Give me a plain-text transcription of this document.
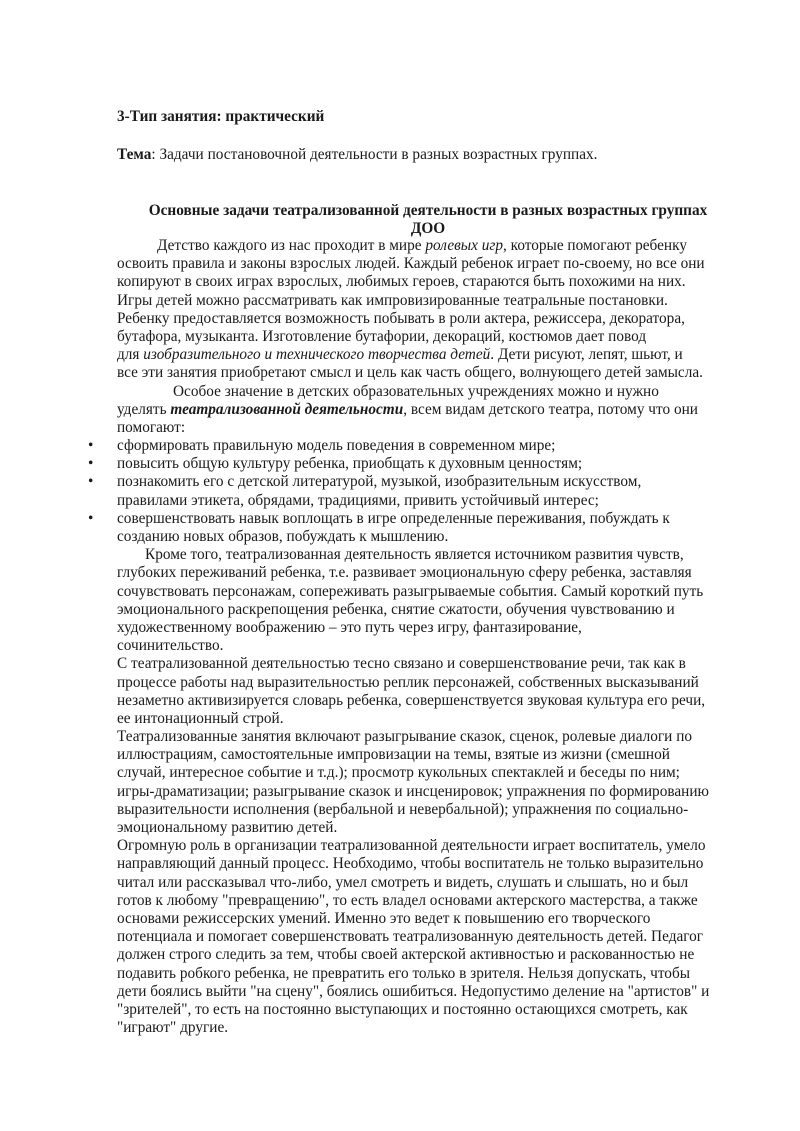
3-Тип занятия: практический
Тема: Задачи постановочной деятельности в разных возрастных группах.
Основные задачи театрализованной деятельности в разных возрастных группах
ДОО
Детство каждого из нас проходит в мире ролевых игр, которые помогают ребенку
освоить правила и законы взрослых людей. Каждый ребенок играет по-своему, но все они
копируют в своих играх взрослых, любимых героев, стараются быть похожими на них.
Игры детей можно рассматривать как импровизированные театральные постановки.
Ребенку предоставляется возможность побывать в роли актера, режиссера, декоратора,
бутафора, музыканта. Изготовление бутафории, декораций, костюмов дает повод
для изобразительного и технического творчества детей. Дети рисуют, лепят, шьют, и
все эти занятия приобретают смысл и цель как часть общего, волнующего детей замысла.
Особое значение в детских образовательных учреждениях можно и нужно
уделять театрализованной деятельности, всем видам детского театра, потому что они
помогают:
• сформировать правильную модель поведения в современном мире;
• повысить общую культуру ребенка, приобщать к духовным ценностям;
• познакомить его с детской литературой, музыкой, изобразительным искусством,
правилами этикета, обрядами, традициями, привить устойчивый интерес;
• совершенствовать навык воплощать в игре определенные переживания, побуждать к
созданию новых образов, побуждать к мышлению.
Кроме того, театрализованная деятельность является источником развития чувств,
глубоких переживаний ребенка, т.е. развивает эмоциональную сферу ребенка, заставляя
сочувствовать персонажам, сопереживать разыгрываемые события. Самый короткий путь
эмоционального раскрепощения ребенка, снятие сжатости, обучения чувствованию и
художественному воображению – это путь через игру, фантазирование,
сочинительство.
С театрализованной деятельностью тесно связано и совершенствование речи, так как в
процессе работы над выразительностью реплик персонажей, собственных высказываний
незаметно активизируется словарь ребенка, совершенствуется звуковая культура его речи,
ее интонационный строй.
Театрализованные занятия включают разыгрывание сказок, сценок, ролевые диалоги по
иллюстрациям, самостоятельные импровизации на темы, взятые из жизни (смешной
случай, интересное событие и т.д.); просмотр кукольных спектаклей и беседы по ним;
игры-драматизации; разыгрывание сказок и инсценировок; упражнения по формированию
выразительности исполнения (вербальной и невербальной); упражнения по социально-
эмоциональному развитию детей.
Огромную роль в организации театрализованной деятельности играет воспитатель, умело
направляющий данный процесс. Необходимо, чтобы воспитатель не только выразительно
читал или рассказывал что-либо, умел смотреть и видеть, слушать и слышать, но и был
готов к любому "превращению", то есть владел основами актерского мастерства, а также
основами режиссерских умений. Именно это ведет к повышению его творческого
потенциала и помогает совершенствовать театрализованную деятельность детей. Педагог
должен строго следить за тем, чтобы своей актерской активностью и раскованностью не
подавить робкого ребенка, не превратить его только в зрителя. Нельзя допускать, чтобы
дети боялись выйти "на сцену", боялись ошибиться. Недопустимо деление на "артистов" и
"зрителей", то есть на постоянно выступающих и постоянно остающихся смотреть, как
"играют" другие.
